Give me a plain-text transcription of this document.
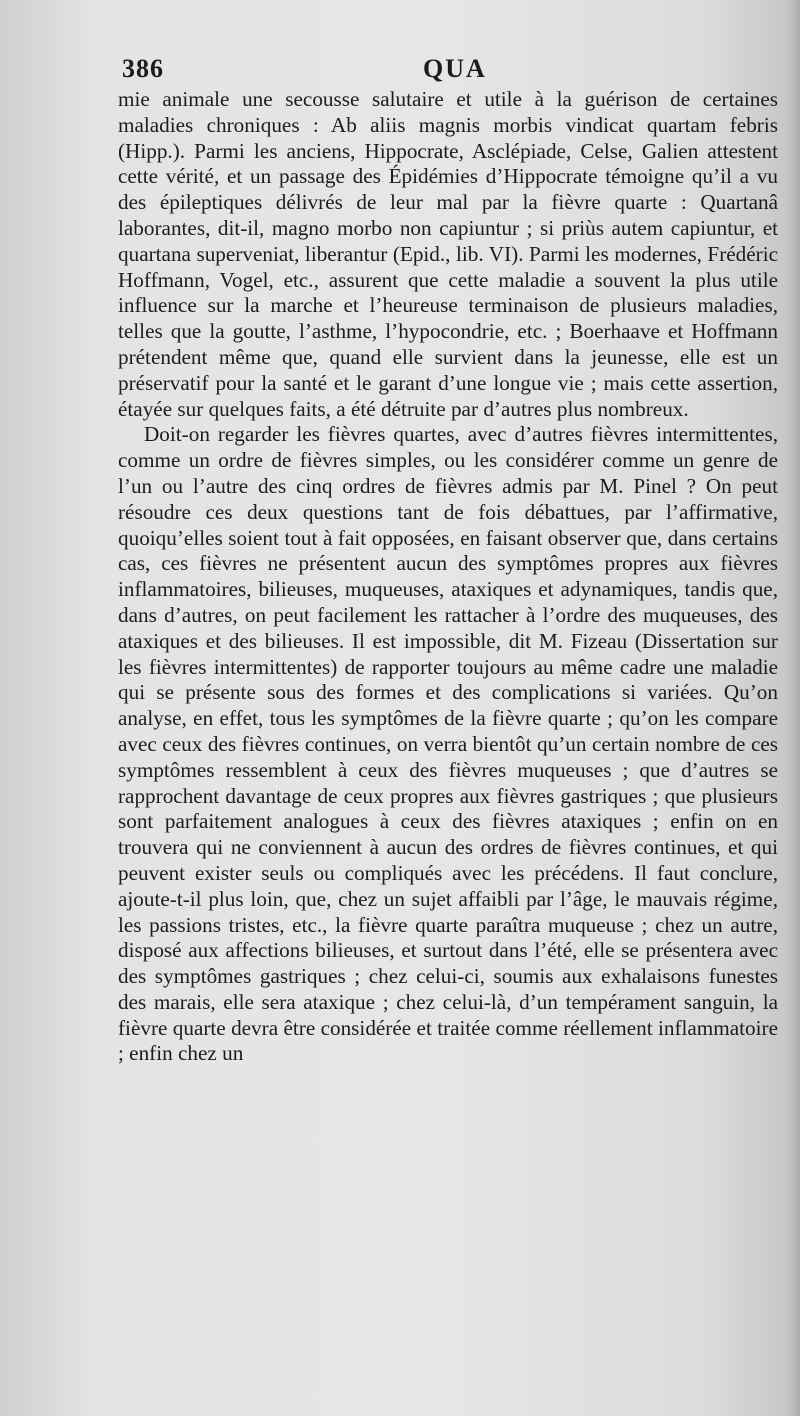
386	QUA

mie animale une secousse salutaire et utile à la guérison de certaines maladies chroniques : Ab aliis magnis morbis vindicat quartam febris (Hipp.). Parmi les anciens, Hippocrate, Asclépiade, Celse, Galien attestent cette vérité, et un passage des Épidémies d’Hippocrate témoigne qu’il a vu des épileptiques délivrés de leur mal par la fièvre quarte : Quartanâ laborantes, dit-il, magno morbo non capiuntur ; si priùs autem capiuntur, et quartana superveniat, liberantur (Epid., lib. VI). Parmi les modernes, Frédéric Hoffmann, Vogel, etc., assurent que cette maladie a souvent la plus utile influence sur la marche et l’heureuse terminaison de plusieurs maladies, telles que la goutte, l’asthme, l’hypocondrie, etc. ; Boerhaave et Hoffmann prétendent même que, quand elle survient dans la jeunesse, elle est un préservatif pour la santé et le garant d’une longue vie ; mais cette assertion, étayée sur quelques faits, a été détruite par d’autres plus nombreux.

Doit-on regarder les fièvres quartes, avec d’autres fièvres intermittentes, comme un ordre de fièvres simples, ou les considérer comme un genre de l’un ou l’autre des cinq ordres de fièvres admis par M. Pinel ? On peut résoudre ces deux questions tant de fois débattues, par l’affirmative, quoiqu’elles soient tout à fait opposées, en faisant observer que, dans certains cas, ces fièvres ne présentent aucun des symptômes propres aux fièvres inflammatoires, bilieuses, muqueuses, ataxiques et adynamiques, tandis que, dans d’autres, on peut facilement les rattacher à l’ordre des muqueuses, des ataxiques et des bilieuses. Il est impossible, dit M. Fizeau (Dissertation sur les fièvres intermittentes) de rapporter toujours au même cadre une maladie qui se présente sous des formes et des complications si variées. Qu’on analyse, en effet, tous les symptômes de la fièvre quarte ; qu’on les compare avec ceux des fièvres continues, on verra bientôt qu’un certain nombre de ces symptômes ressemblent à ceux des fièvres muqueuses ; que d’autres se rapprochent davantage de ceux propres aux fièvres gastriques ; que plusieurs sont parfaitement analogues à ceux des fièvres ataxiques ; enfin on en trouvera qui ne conviennent à aucun des ordres de fièvres continues, et qui peuvent exister seuls ou compliqués avec les précédens. Il faut conclure, ajoute-t-il plus loin, que, chez un sujet affaibli par l’âge, le mauvais régime, les passions tristes, etc., la fièvre quarte paraîtra muqueuse ; chez un autre, disposé aux affections bilieuses, et surtout dans l’été, elle se présentera avec des symptômes gastriques ; chez celui-ci, soumis aux exhalaisons funestes des marais, elle sera ataxique ; chez celui-là, d’un tempérament sanguin, la fièvre quarte devra être considérée et traitée comme réellement inflammatoire ; enfin chez un
